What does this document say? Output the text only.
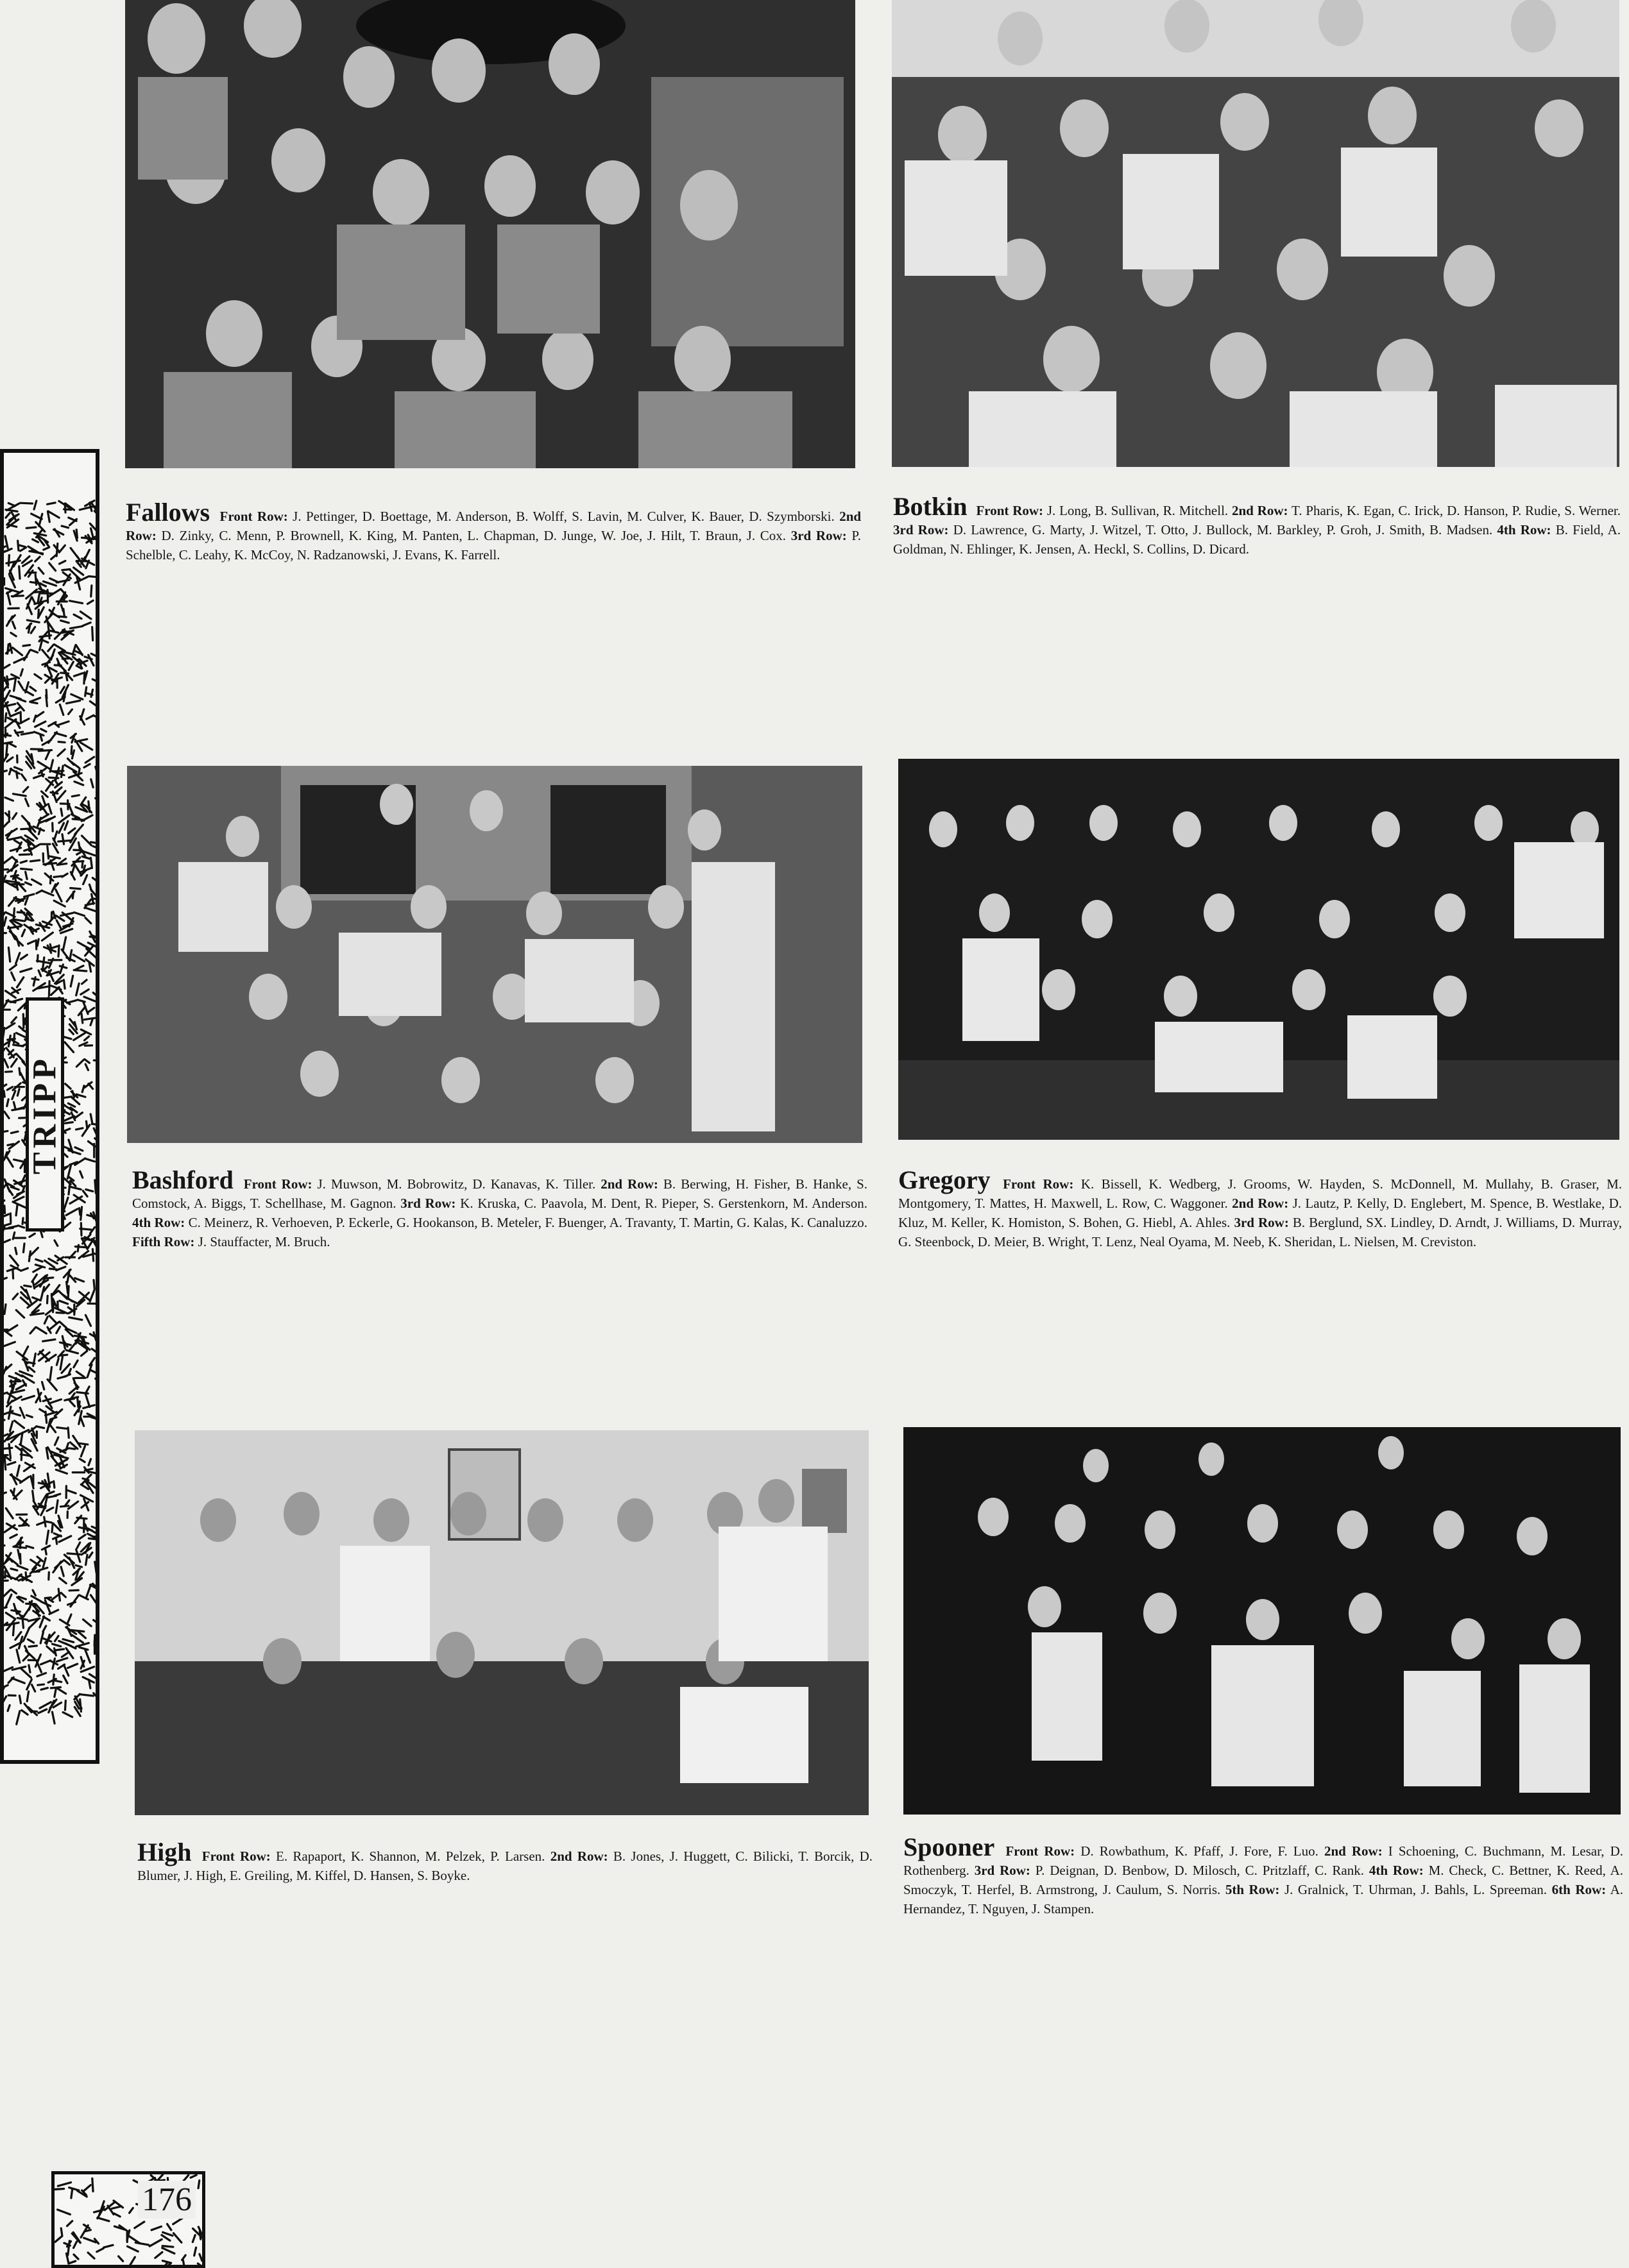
TRIPP
Fallows Front Row: J. Pettinger, D. Boettage, M. Anderson, B. Wolff, S. Lavin, M. Culver, K. Bauer, D. Szymborski. 2nd Row: D. Zinky, C. Menn, P. Brownell, K. King, M. Panten, L. Chapman, D. Junge, W. Joe, J. Hilt, T. Braun, J. Cox. 3rd Row: P. Schelble, C. Leahy, K. McCoy, N. Radzanowski, J. Evans, K. Farrell.
Botkin Front Row: J. Long, B. Sullivan, R. Mitchell. 2nd Row: T. Pharis, K. Egan, C. Irick, D. Hanson, P. Rudie, S. Werner. 3rd Row: D. Lawrence, G. Marty, J. Witzel, T. Otto, J. Bullock, M. Barkley, P. Groh, J. Smith, B. Madsen. 4th Row: B. Field, A. Goldman, N. Ehlinger, K. Jensen, A. Heckl, S. Collins, D. Dicard.
Bashford Front Row: J. Muwson, M. Bobrowitz, D. Kanavas, K. Tiller. 2nd Row: B. Berwing, H. Fisher, B. Hanke, S. Comstock, A. Biggs, T. Schellhase, M. Gagnon. 3rd Row: K. Kruska, C. Paavola, M. Dent, R. Pieper, S. Gerstenkorn, M. Anderson. 4th Row: C. Meinerz, R. Verhoeven, P. Eckerle, G. Hookanson, B. Meteler, F. Buenger, A. Travanty, T. Martin, G. Kalas, K. Canaluzzo. Fifth Row: J. Stauffacter, M. Bruch.
Gregory Front Row: K. Bissell, K. Wedberg, J. Grooms, W. Hayden, S. McDonnell, M. Mullahy, B. Graser, M. Montgomery, T. Mattes, H. Maxwell, L. Row, C. Waggoner. 2nd Row: J. Lautz, P. Kelly, D. Englebert, M. Spence, B. Westlake, D. Kluz, M. Keller, K. Homiston, S. Bohen, G. Hiebl, A. Ahles. 3rd Row: B. Berglund, SX. Lindley, D. Arndt, J. Williams, D. Murray, G. Steenbock, D. Meier, B. Wright, T. Lenz, Neal Oyama, M. Neeb, K. Sheridan, L. Nielsen, M. Creviston.
High Front Row: E. Rapaport, K. Shannon, M. Pelzek, P. Larsen. 2nd Row: B. Jones, J. Huggett, C. Bilicki, T. Borcik, D. Blumer, J. High, E. Greiling, M. Kiffel, D. Hansen, S. Boyke.
Spooner Front Row: D. Rowbathum, K. Pfaff, J. Fore, F. Luo. 2nd Row: I Schoening, C. Buchmann, M. Lesar, D. Rothenberg. 3rd Row: P. Deignan, D. Benbow, D. Milosch, C. Pritzlaff, C. Rank. 4th Row: M. Check, C. Bettner, K. Reed, A. Smoczyk, T. Herfel, B. Armstrong, J. Caulum, S. Norris. 5th Row: J. Gralnick, T. Uhrman, J. Bahls, L. Spreeman. 6th Row: A. Hernandez, T. Nguyen, J. Stampen.
176
